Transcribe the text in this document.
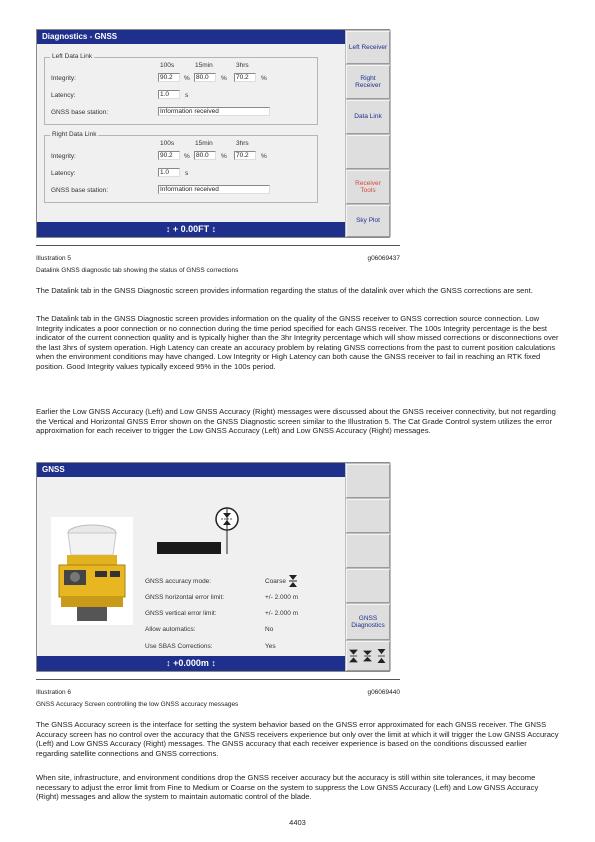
Diagnostics - GNSS
Left Data Link
100s	15min	3hrs
Integrity:	90.2	% 80.0	%	70.2	%
Latency:	1.0	s
GNSS base station:	Information received
Right Data Link
100s	15min	3hrs
Integrity:	90.2	% 80.0	%	70.2	%
Latency:	1.0	s
GNSS base station:	Information received
↕ + 0.00FT ↕
Left Receiver
Right Receiver
Data Link
Receiver Tools
Sky Plot
Illustration 5	g06069437
Datalink GNSS diagnostic tab showing the status of GNSS corrections

The Datalink tab in the GNSS Diagnostic screen provides information regarding the status of the datalink over which the GNSS corrections are sent.

The Datalink tab in the GNSS Diagnostic screen provides information on the quality of the GNSS receiver to GNSS correction source connection. Low Integrity indicates a poor connection or no connection during the time period specified for each GNSS receiver. The 100s Integrity percentage is the best indicator of the current connection quality and is typically higher than the 3hr Integrity percentage which will show missed corrections or disconnections over the last 3hrs of system operation. High Latency can create an accuracy problem by relating GNSS corrections from the past to current position calculations when the environment conditions may have changed. Low Integrity or High Latency can both cause the GNSS receiver to fail in reaching an RTK fixed position. Good Integrity values typically exceed 95% in the 100s period.

Earlier the Low GNSS Accuracy (Left) and Low GNSS Accuracy (Right) messages were discussed about the GNSS receiver connectivity, but not regarding the Vertical and Horizontal GNSS Error shown on the GNSS Diagnostic screen similar to the Illustration 5. The Cat Grade Control system utilizes the error approximation for each receiver to trigger the Low GNSS Accuracy (Left) and Low GNSS Accuracy (Right) messages.

GNSS
GNSS accuracy mode:	Coarse
GNSS horizontal error limit:	+/- 2.000 m
GNSS vertical error limit:	+/- 2.000 m
Allow automatics:	No
Use SBAS Corrections:	Yes
↕ +0.000m ↕
GNSS Diagnostics
Illustration 6	g06069440
GNSS Accuracy Screen controlling the low GNSS accuracy messages

The GNSS Accuracy screen is the interface for setting the system behavior based on the GNSS error approximated for each GNSS receiver. The GNSS Accuracy screen has no control over the accuracy that the GNSS receivers experience but only over the limit at which it will trigger the Low GNSS Accuracy (Left) and Low GNSS Accuracy (Right) messages. The GNSS accuracy that each receiver experience is based on the conditions discussed earlier regarding satellite connections and GNSS corrections.

When site, infrastructure, and environment conditions drop the GNSS receiver accuracy but the accuracy is still within site tolerances, it may become necessary to adjust the error limit from Fine to Medium or Coarse on the system to suppress the Low GNSS Accuracy (Left) and Low GNSS Accuracy (Right) messages and allow the system to maintain automatic control of the blade.

4403
